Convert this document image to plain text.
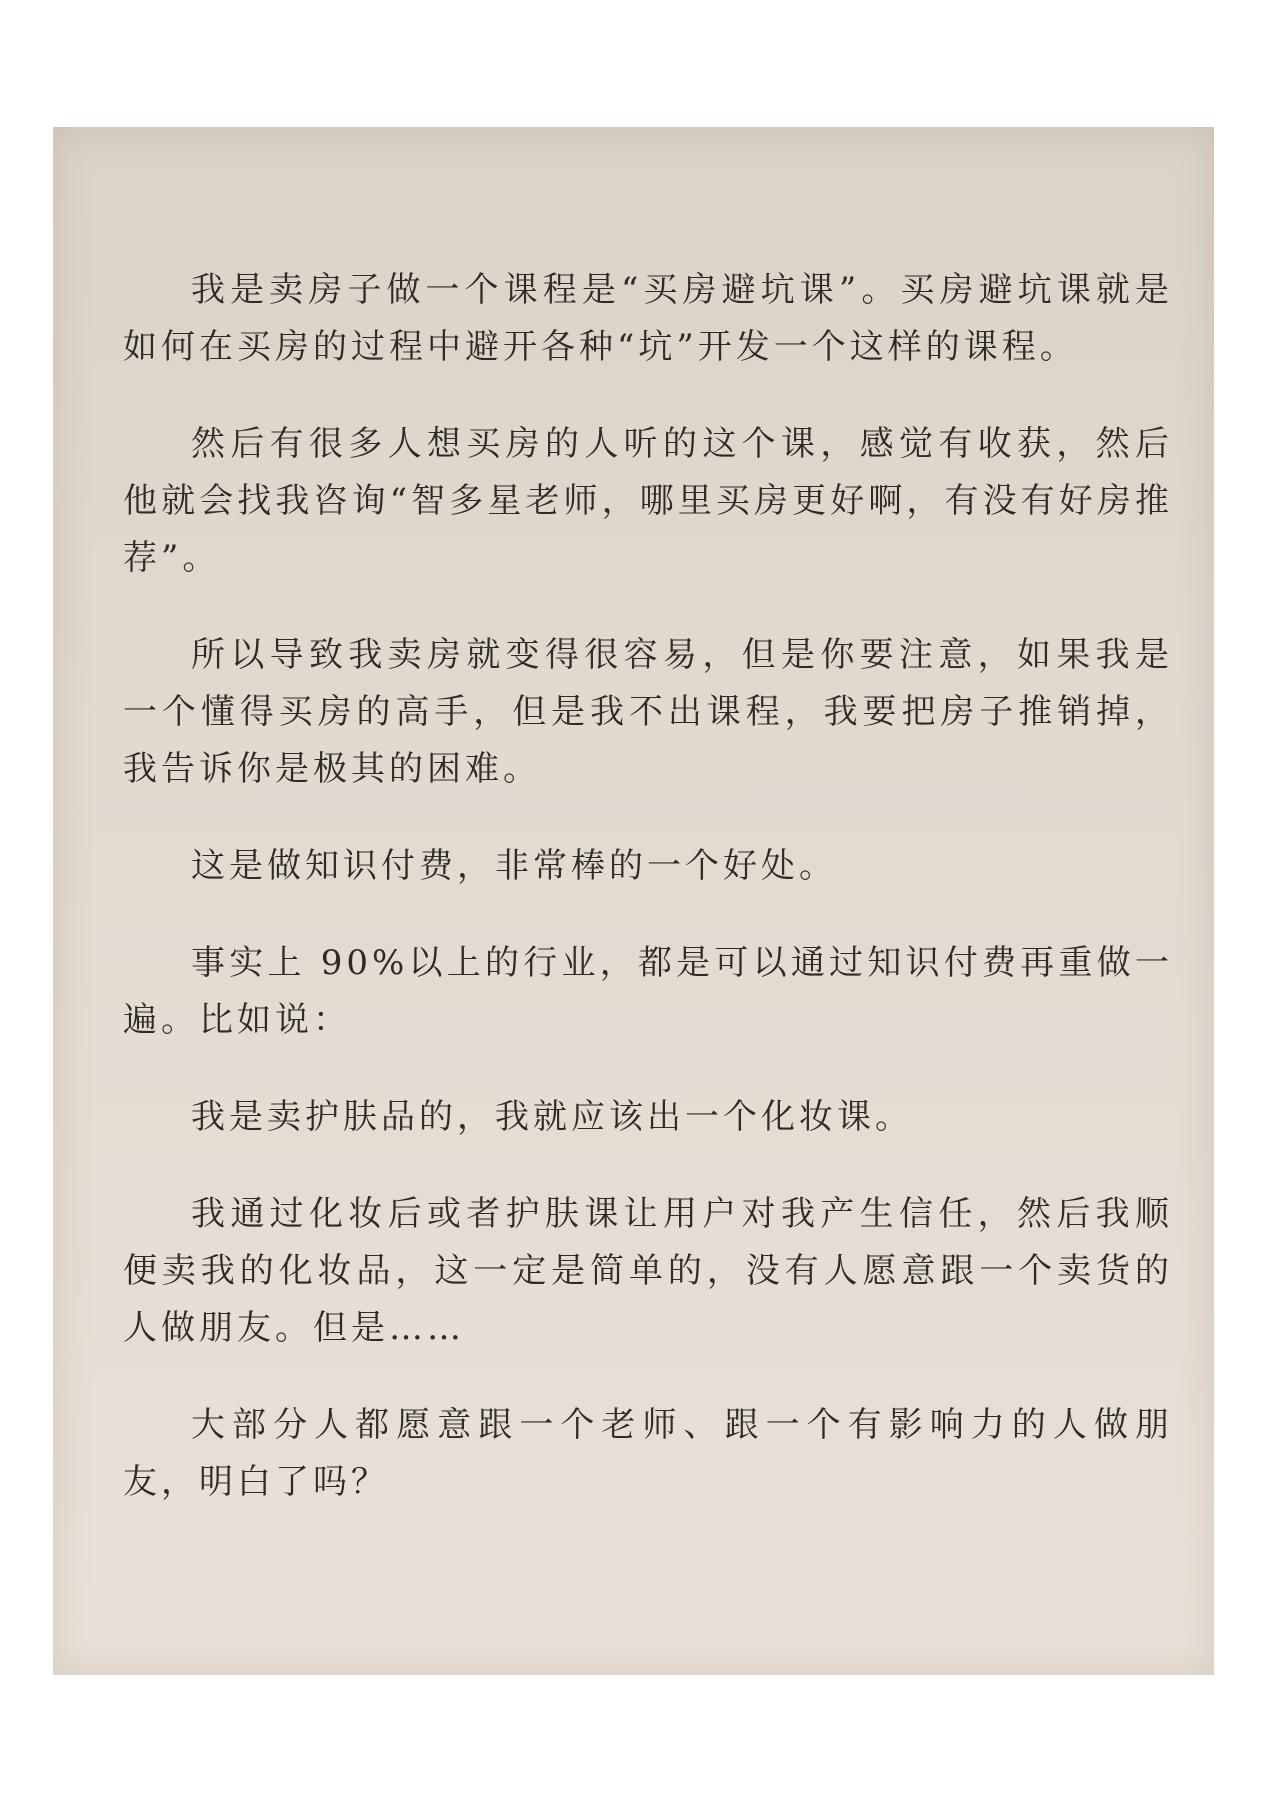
我是卖房子做一个课程是“买房避坑课”。买房避坑课就是如何在买房的过程中避开各种“坑”开发一个这样的课程。

然后有很多人想买房的人听的这个课，感觉有收获，然后他就会找我咨询“智多星老师，哪里买房更好啊，有没有好房推荐”。

所以导致我卖房就变得很容易，但是你要注意，如果我是一个懂得买房的高手，但是我不出课程，我要把房子推销掉，我告诉你是极其的困难。

这是做知识付费，非常棒的一个好处。

事实上 90%以上的行业，都是可以通过知识付费再重做一遍。比如说：

我是卖护肤品的，我就应该出一个化妆课。

我通过化妆后或者护肤课让用户对我产生信任，然后我顺便卖我的化妆品，这一定是简单的，没有人愿意跟一个卖货的人做朋友。但是……

大部分人都愿意跟一个老师、跟一个有影响力的人做朋友，明白了吗？
